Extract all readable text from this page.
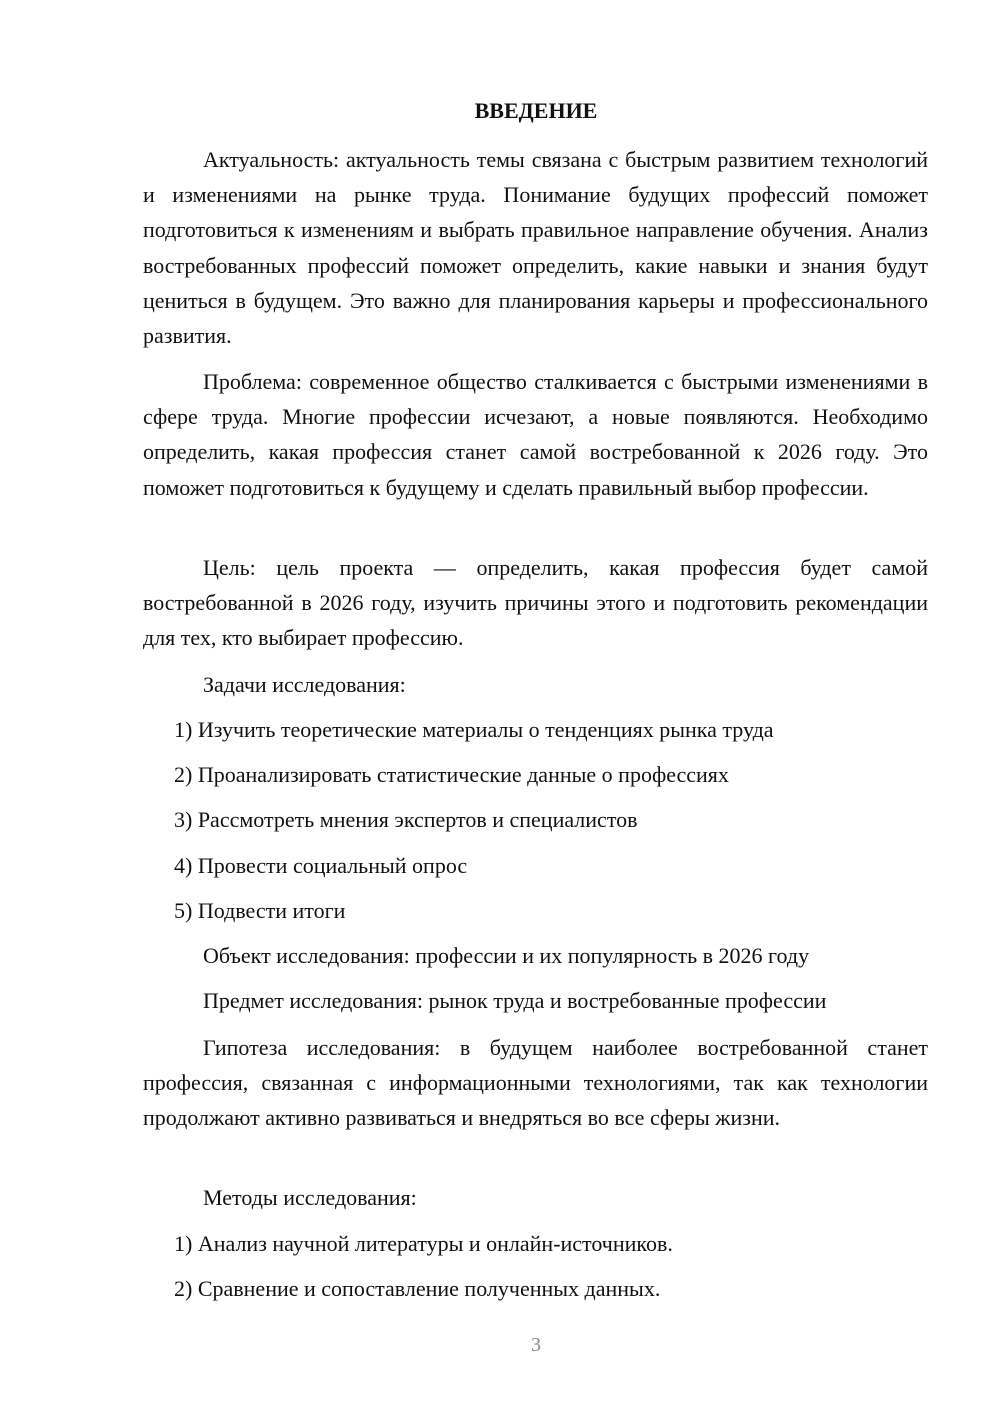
ВВЕДЕНИЕ

Актуальность: актуальность темы связана с быстрым развитием технологий и изменениями на рынке труда. Понимание будущих профессий поможет подготовиться к изменениям и выбрать правильное направление обучения. Анализ востребованных профессий поможет определить, какие навыки и знания будут цениться в будущем. Это важно для планирования карьеры и профессионального развития.

Проблема: современное общество сталкивается с быстрыми изменениями в сфере труда. Многие профессии исчезают, а новые появляются. Необходимо определить, какая профессия станет самой востребованной к 2026 году. Это поможет подготовиться к будущему и сделать правильный выбор профессии.

Цель: цель проекта — определить, какая профессия будет самой востребованной в 2026 году, изучить причины этого и подготовить рекомендации для тех, кто выбирает профессию.

Задачи исследования:
1) Изучить теоретические материалы о тенденциях рынка труда
2) Проанализировать статистические данные о профессиях
3) Рассмотреть мнения экспертов и специалистов
4) Провести социальный опрос
5) Подвести итоги
Объект исследования: профессии и их популярность в 2026 году
Предмет исследования: рынок труда и востребованные профессии

Гипотеза исследования: в будущем наиболее востребованной станет профессия, связанная с информационными технологиями, так как технологии продолжают активно развиваться и внедряться во все сферы жизни.

Методы исследования:
1) Анализ научной литературы и онлайн-источников.
2) Сравнение и сопоставление полученных данных.
3
